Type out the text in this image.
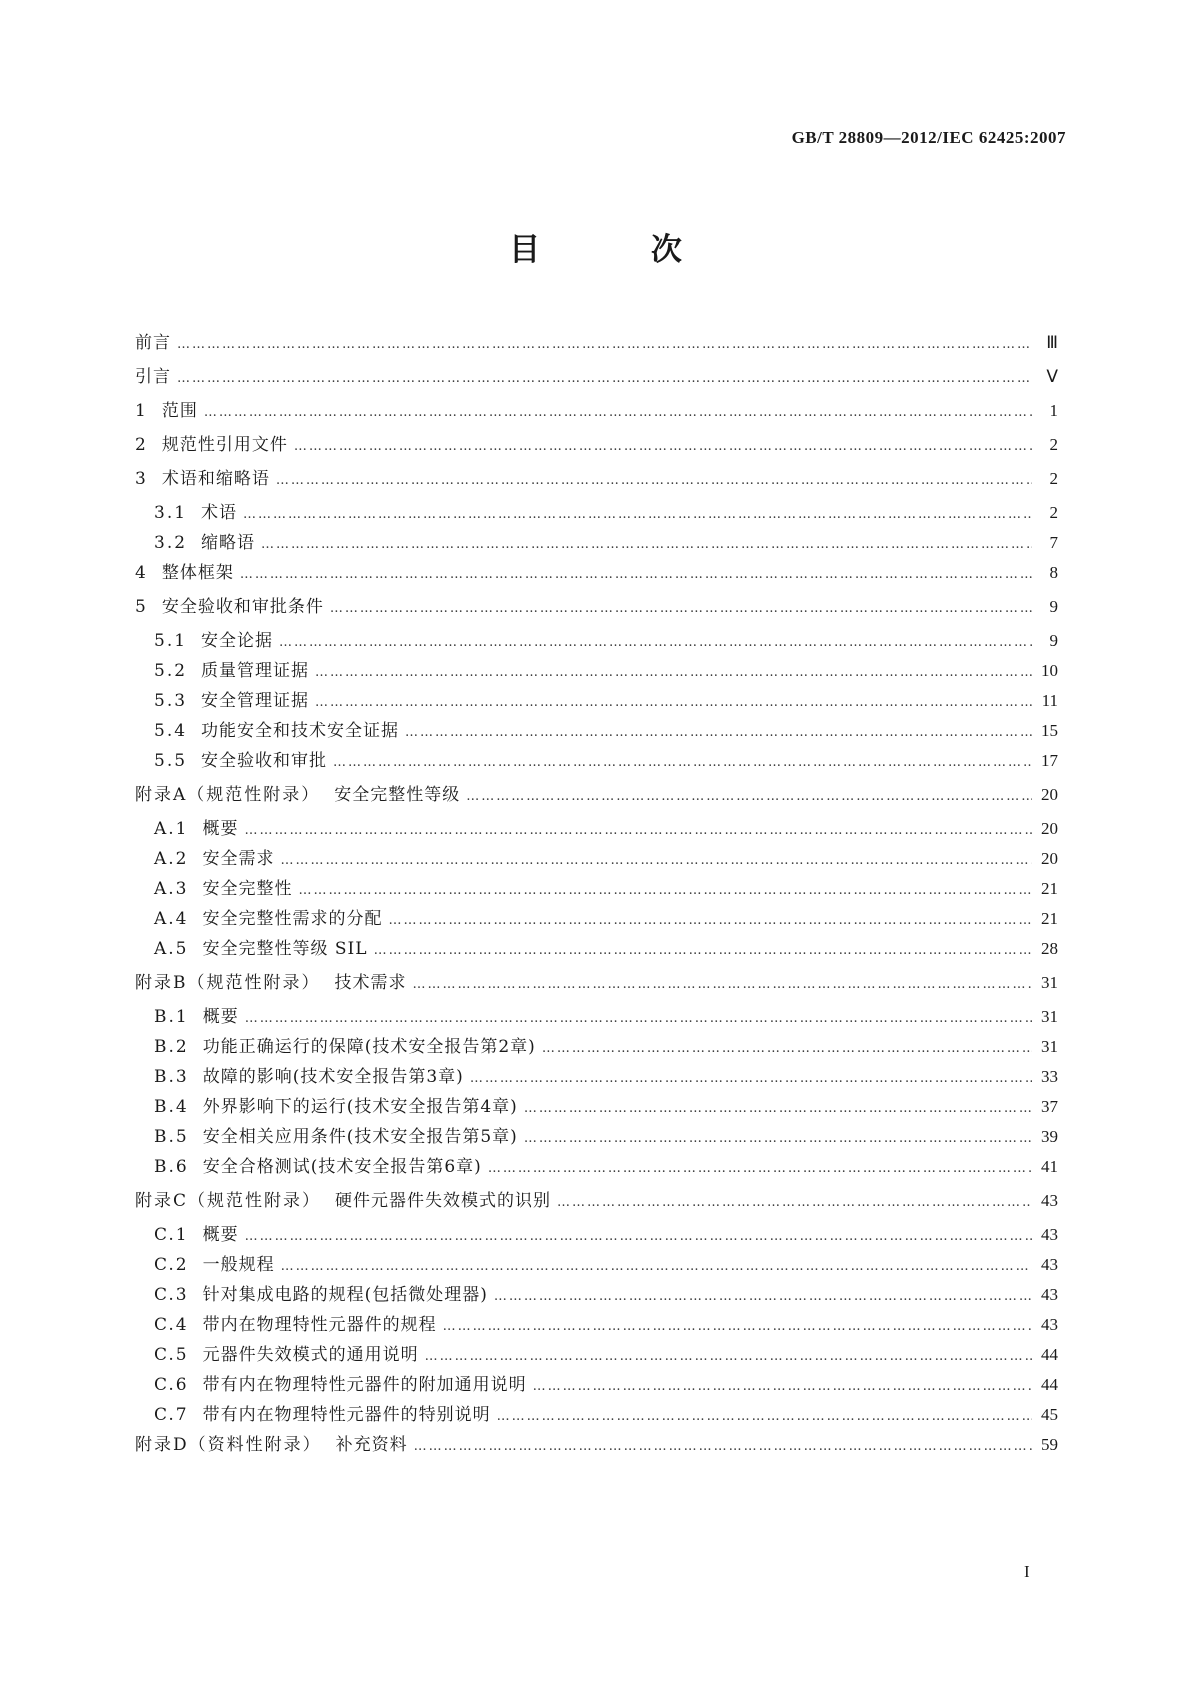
GB/T 28809—2012/IEC 62425:2007
目 次
前言 ……………………………………………………………………………………………………………………………………………………………………………………………………	Ⅲ
引言 ……………………………………………………………………………………………………………………………………………………………………………………………………	Ⅴ
1 范围 ……………………………………………………………………………………………………………………………………………………………………………………………………	1
2 规范性引用文件 ……………………………………………………………………………………………………………………………………………………………………………………………………	2
3 术语和缩略语 ……………………………………………………………………………………………………………………………………………………………………………………………………	2
3.1 术语 ……………………………………………………………………………………………………………………………………………………………………………………………………	2
3.2 缩略语 ……………………………………………………………………………………………………………………………………………………………………………………………………	7
4 整体框架 ……………………………………………………………………………………………………………………………………………………………………………………………………	8
5 安全验收和审批条件 ……………………………………………………………………………………………………………………………………………………………………………………………………	9
5.1 安全论据 ……………………………………………………………………………………………………………………………………………………………………………………………………	9
5.2 质量管理证据 ……………………………………………………………………………………………………………………………………………………………………………………………………	10
5.3 安全管理证据 ……………………………………………………………………………………………………………………………………………………………………………………………………	11
5.4 功能安全和技术安全证据 ……………………………………………………………………………………………………………………………………………………………………………………………………	15
5.5 安全验收和审批 ……………………………………………………………………………………………………………………………………………………………………………………………………	17
附录A（规范性附录） 安全完整性等级 ……………………………………………………………………………………………………………………………………………………………………………………………………	20
A.1 概要 ……………………………………………………………………………………………………………………………………………………………………………………………………	20
A.2 安全需求 ……………………………………………………………………………………………………………………………………………………………………………………………………	20
A.3 安全完整性 ……………………………………………………………………………………………………………………………………………………………………………………………………	21
A.4 安全完整性需求的分配 ……………………………………………………………………………………………………………………………………………………………………………………………………	21
A.5 安全完整性等级 SIL ……………………………………………………………………………………………………………………………………………………………………………………………………	28
附录B（规范性附录） 技术需求 ……………………………………………………………………………………………………………………………………………………………………………………………………	31
B.1 概要 ……………………………………………………………………………………………………………………………………………………………………………………………………	31
B.2 功能正确运行的保障(技术安全报告第2章) ……………………………………………………………………………………………………………………………………………………………………………………………………	31
B.3 故障的影响(技术安全报告第3章) ……………………………………………………………………………………………………………………………………………………………………………………………………	33
B.4 外界影响下的运行(技术安全报告第4章) ……………………………………………………………………………………………………………………………………………………………………………………………………	37
B.5 安全相关应用条件(技术安全报告第5章) ……………………………………………………………………………………………………………………………………………………………………………………………………	39
B.6 安全合格测试(技术安全报告第6章) ……………………………………………………………………………………………………………………………………………………………………………………………………	41
附录C（规范性附录） 硬件元器件失效模式的识别 ……………………………………………………………………………………………………………………………………………………………………………………………………	43
C.1 概要 ……………………………………………………………………………………………………………………………………………………………………………………………………	43
C.2 一般规程 ……………………………………………………………………………………………………………………………………………………………………………………………………	43
C.3 针对集成电路的规程(包括微处理器) ……………………………………………………………………………………………………………………………………………………………………………………………………	43
C.4 带内在物理特性元器件的规程 ……………………………………………………………………………………………………………………………………………………………………………………………………	43
C.5 元器件失效模式的通用说明 ……………………………………………………………………………………………………………………………………………………………………………………………………	44
C.6 带有内在物理特性元器件的附加通用说明 ……………………………………………………………………………………………………………………………………………………………………………………………………	44
C.7 带有内在物理特性元器件的特别说明 ……………………………………………………………………………………………………………………………………………………………………………………………………	45
附录D（资料性附录） 补充资料 ……………………………………………………………………………………………………………………………………………………………………………………………………	59
I
